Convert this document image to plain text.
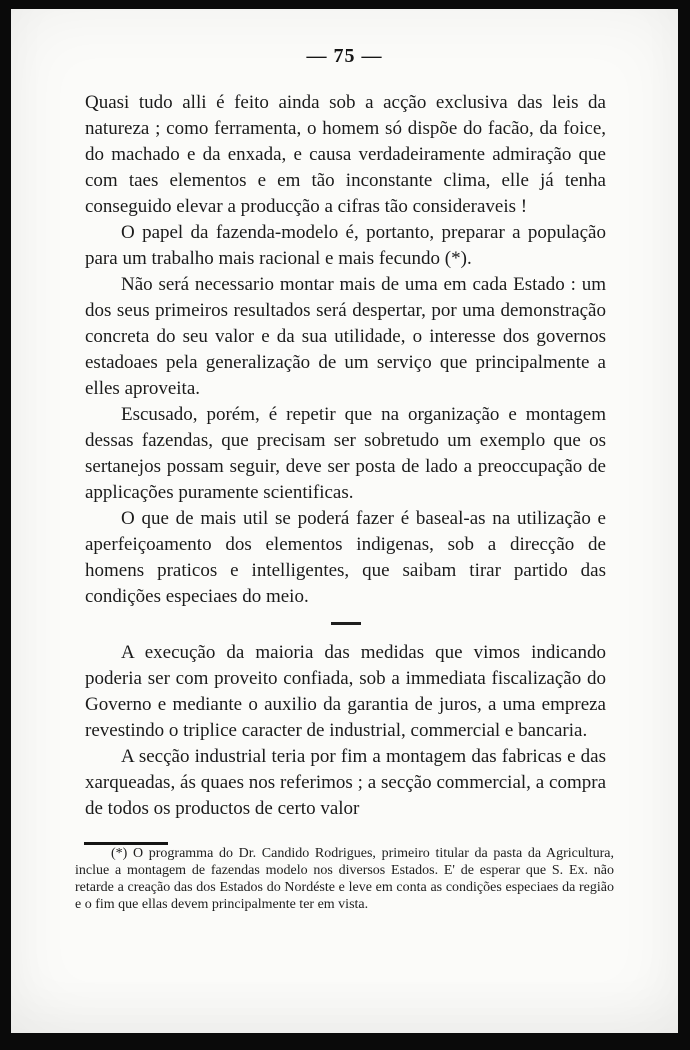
— 75 —

Quasi tudo alli é feito ainda sob a acção exclusiva das leis da natureza ; como ferramenta, o homem só dispõe do facão, da foice, do machado e da enxada, e causa verdadeiramente admiração que com taes elementos e em tão inconstante clima, elle já tenha conseguido elevar a producção a cifras tão consideraveis !

O papel da fazenda-modelo é, portanto, preparar a população para um trabalho mais racional e mais fecundo (*).

Não será necessario montar mais de uma em cada Estado : um dos seus primeiros resultados será despertar, por uma demonstração concreta do seu valor e da sua utilidade, o interesse dos governos estadoaes pela generalização de um serviço que principalmente a elles aproveita.

Escusado, porém, é repetir que na organização e montagem dessas fazendas, que precisam ser sobretudo um exemplo que os sertanejos possam seguir, deve ser posta de lado a preoccupação de applicações puramente scientificas.

O que de mais util se poderá fazer é baseal-as na utilização e aperfeiçoamento dos elementos indigenas, sob a direcção de homens praticos e intelligentes, que saibam tirar partido das condições especiaes do meio.

A execução da maioria das medidas que vimos indicando poderia ser com proveito confiada, sob a immediata fiscalização do Governo e mediante o auxilio da garantia de juros, a uma empreza revestindo o triplice caracter de industrial, commercial e bancaria.

A secção industrial teria por fim a montagem das fabricas e das xarqueadas, ás quaes nos referimos ; a secção commercial, a compra de todos os productos de certo valor

(*) O programma do Dr. Candido Rodrigues, primeiro titular da pasta da Agricultura, inclue a montagem de fazendas modelo nos diversos Estados. E' de esperar que S. Ex. não retarde a creação das dos Estados do Nordéste e leve em conta as condições especiaes da região e o fim que ellas devem principalmente ter em vista.
